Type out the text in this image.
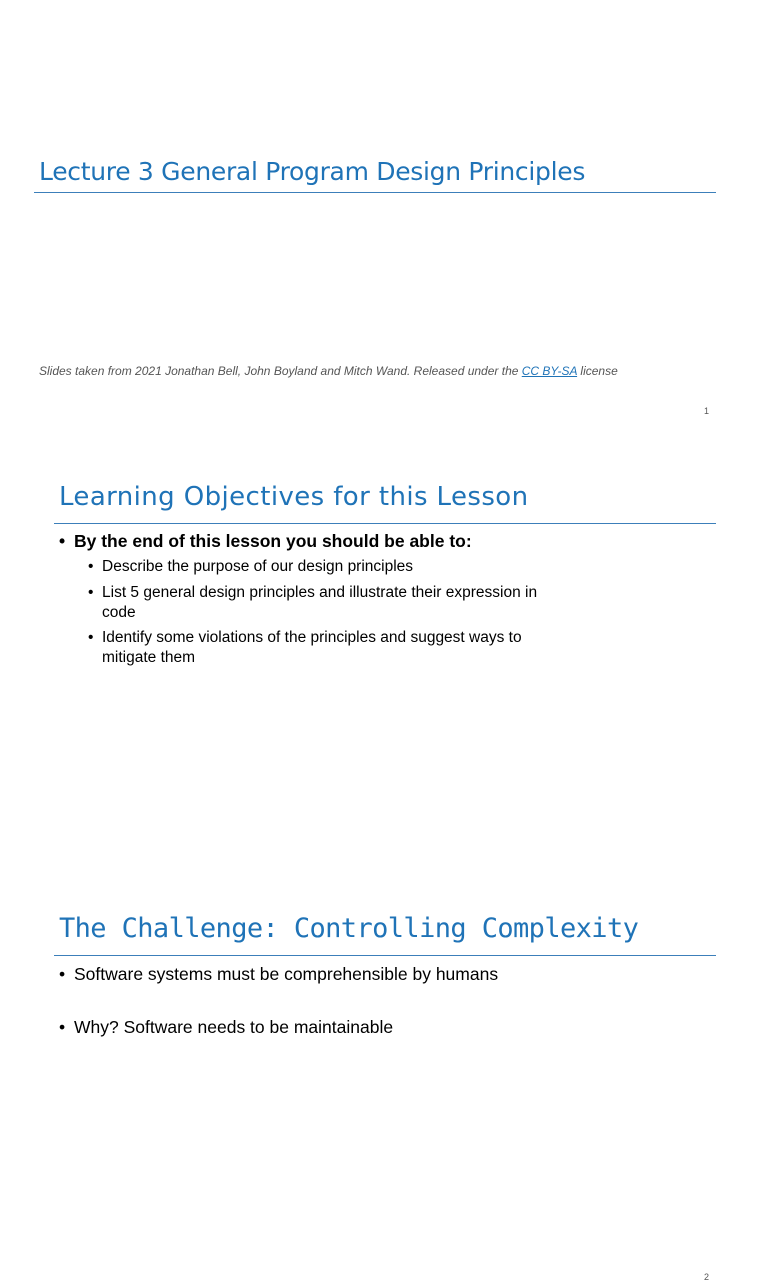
Lecture 3 General Program Design Principles
Slides taken from 2021 Jonathan Bell, John Boyland and Mitch Wand. Released under the CC BY-SA license
1
Learning Objectives for this Lesson
• By the end of this lesson you should be able to:
• Describe the purpose of our design principles
• List 5 general design principles and illustrate their expression in code
• Identify some violations of the principles and suggest ways to mitigate them
2
The Challenge: Controlling Complexity
• Software systems must be comprehensible by humans
• Why? Software needs to be maintainable
